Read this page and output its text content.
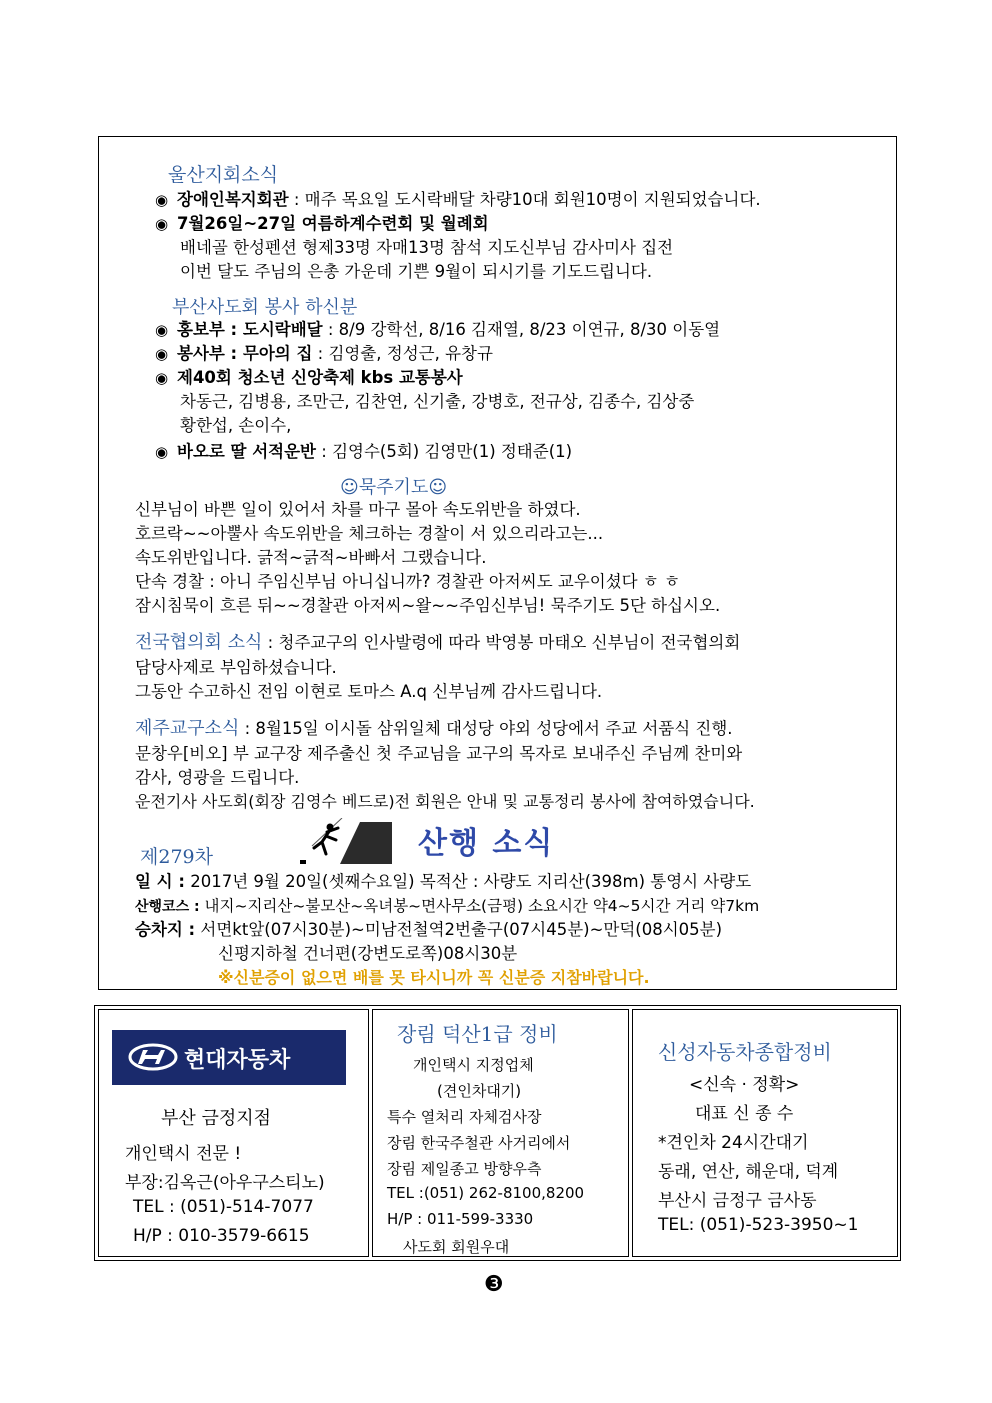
울산지회소식
◉ 장애인복지회관 : 매주 목요일 도시락배달 차량10대 회원10명이 지원되었습니다.
◉ 7월26일~27일 여름하계수련회 및 월례회
배네골 한성펜션 형제33명 자매13명 참석 지도신부님 감사미사 집전
이번 달도 주님의 은총 가운데 기쁜 9월이 되시기를 기도드립니다.
부산사도회 봉사 하신분
◉ 홍보부 : 도시락배달 : 8/9 강학선, 8/16 김재열, 8/23 이연규, 8/30 이동열
◉ 봉사부 : 무아의 집 : 김영출, 정성근, 유창규
◉ 제40회 청소년 신앙축제 kbs 교통봉사
차동근, 김병용, 조만근, 김찬연, 신기출, 강병호, 전규상, 김종수, 김상중
황한섭, 손이수,
◉ 바오로 딸 서적운반 : 김영수(5회) 김영만(1) 정태준(1)
☺묵주기도☺
신부님이 바쁜 일이 있어서 차를 마구 몰아 속도위반을 하였다.
호르락~~아뿔사 속도위반을 체크하는 경찰이 서 있으리라고는...
속도위반입니다. 긁적~긁적~바빠서 그랬습니다.
단속 경찰 : 아니 주임신부님 아니십니까? 경찰관 아저씨도 교우이셨다 ㅎ ㅎ
잠시침묵이 흐른 뒤~~경찰관 아저씨~왈~~주임신부님! 묵주기도 5단 하십시오.
전국협의회 소식 : 청주교구의 인사발령에 따라 박영봉 마태오 신부님이 전국협의회
담당사제로 부임하셨습니다.
그동안 수고하신 전임 이현로 토마스 A.q 신부님께 감사드립니다.
제주교구소식 : 8월15일 이시돌 삼위일체 대성당 야외 성당에서 주교 서품식 진행.
문창우[비오] 부 교구장 제주출신 첫 주교님을 교구의 목자로 보내주신 주님께 찬미와
감사, 영광을 드립니다.
운전기사 사도회(회장 김영수 베드로)전 회원은 안내 및 교통정리 봉사에 참여하였습니다.
제279차	산행 소식
일 시 : 2017년 9월 20일(셋째수요일) 목적산 : 사량도 지리산(398m) 통영시 사량도
산행코스 : 내지~지리산~불모산~옥녀봉~면사무소(금평) 소요시간 약4~5시간 거리 약7km
승차지 : 서면kt앞(07시30분)~미남전철역2번출구(07시45분)~만덕(08시05분)
신평지하철 건너편(강변도로쪽)08시30분
※신분증이 없으면 배를 못 타시니까 꼭 신분증 지참바랍니다.
현대자동차
부산 금정지점
개인택시 전문 !
부장:김옥근(아우구스티노)
TEL : (051)-514-7077
H/P : 010-3579-6615
장림 덕산1급 정비
개인택시 지정업체
(견인차대기)
특수 열처리 자체검사장
장림 한국주철관 사거리에서
장림 제일종고 방향우측
TEL :(051) 262-8100,8200
H/P : 011-599-3330
사도회 회원우대
신성자동차종합정비
<신속 · 정확>
대표 신 종 수
*견인차 24시간대기
동래, 연산, 해운대, 덕계
부산시 금정구 금사동
TEL: (051)-523-3950~1
❸
